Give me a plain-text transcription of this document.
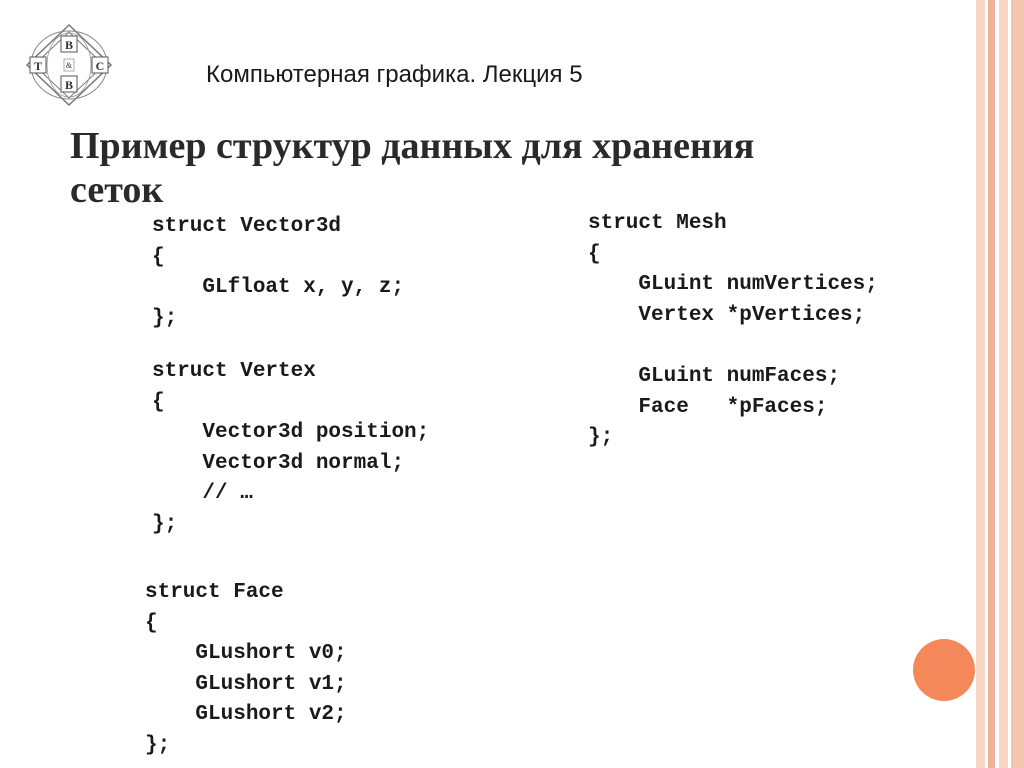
B
T	& C
B	Компьютерная графика. Лекция 5
Пример структур данных для хранения
сеток
struct Vector3d
{
GLfloat x, y, z;
};
struct Vertex
{
Vector3d position;
Vector3d normal;
// …
};
struct Face
{
GLushort v0;
GLushort v1;
GLushort v2;
};
struct Mesh
{
GLuint numVertices;
Vertex *pVertices;

GLuint numFaces;
Face   *pFaces;
};
